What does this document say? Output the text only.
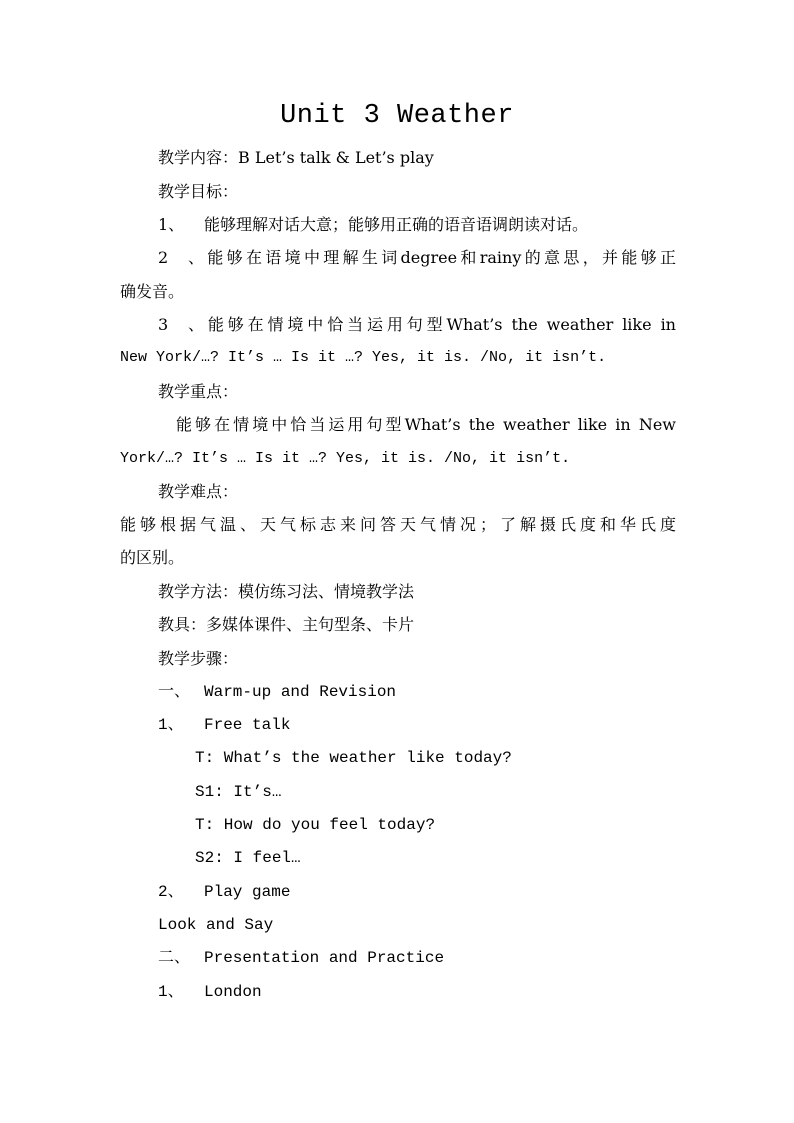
Unit 3 Weather
教学内容：B Let’s talk & Let’s play
教学目标：
1、 能够理解对话大意；能够用正确的语音语调朗读对话。
2、能够在语境中理解生词degree和rainy的意思，并能够正
确发音。
3、能够在情境中恰当运用句型What’s the weather like in
New York/…? It’s … Is it …? Yes, it is. /No, it isn’t.
教学重点：
能够在情境中恰当运用句型What’s the weather like in New
York/…? It’s … Is it …? Yes, it is. /No, it isn’t.
教学难点：
能够根据气温、天气标志来问答天气情况；了解摄氏度和华氏度
的区别。
教学方法：模仿练习法、情境教学法
教具：多媒体课件、主句型条、卡片
教学步骤：
一、 Warm-up and Revision
1、 Free talk
T: What’s the weather like today?
S1: It’s…
T: How do you feel today?
S2: I feel…
2、 Play game
Look and Say
二、 Presentation and Practice
1、 London
